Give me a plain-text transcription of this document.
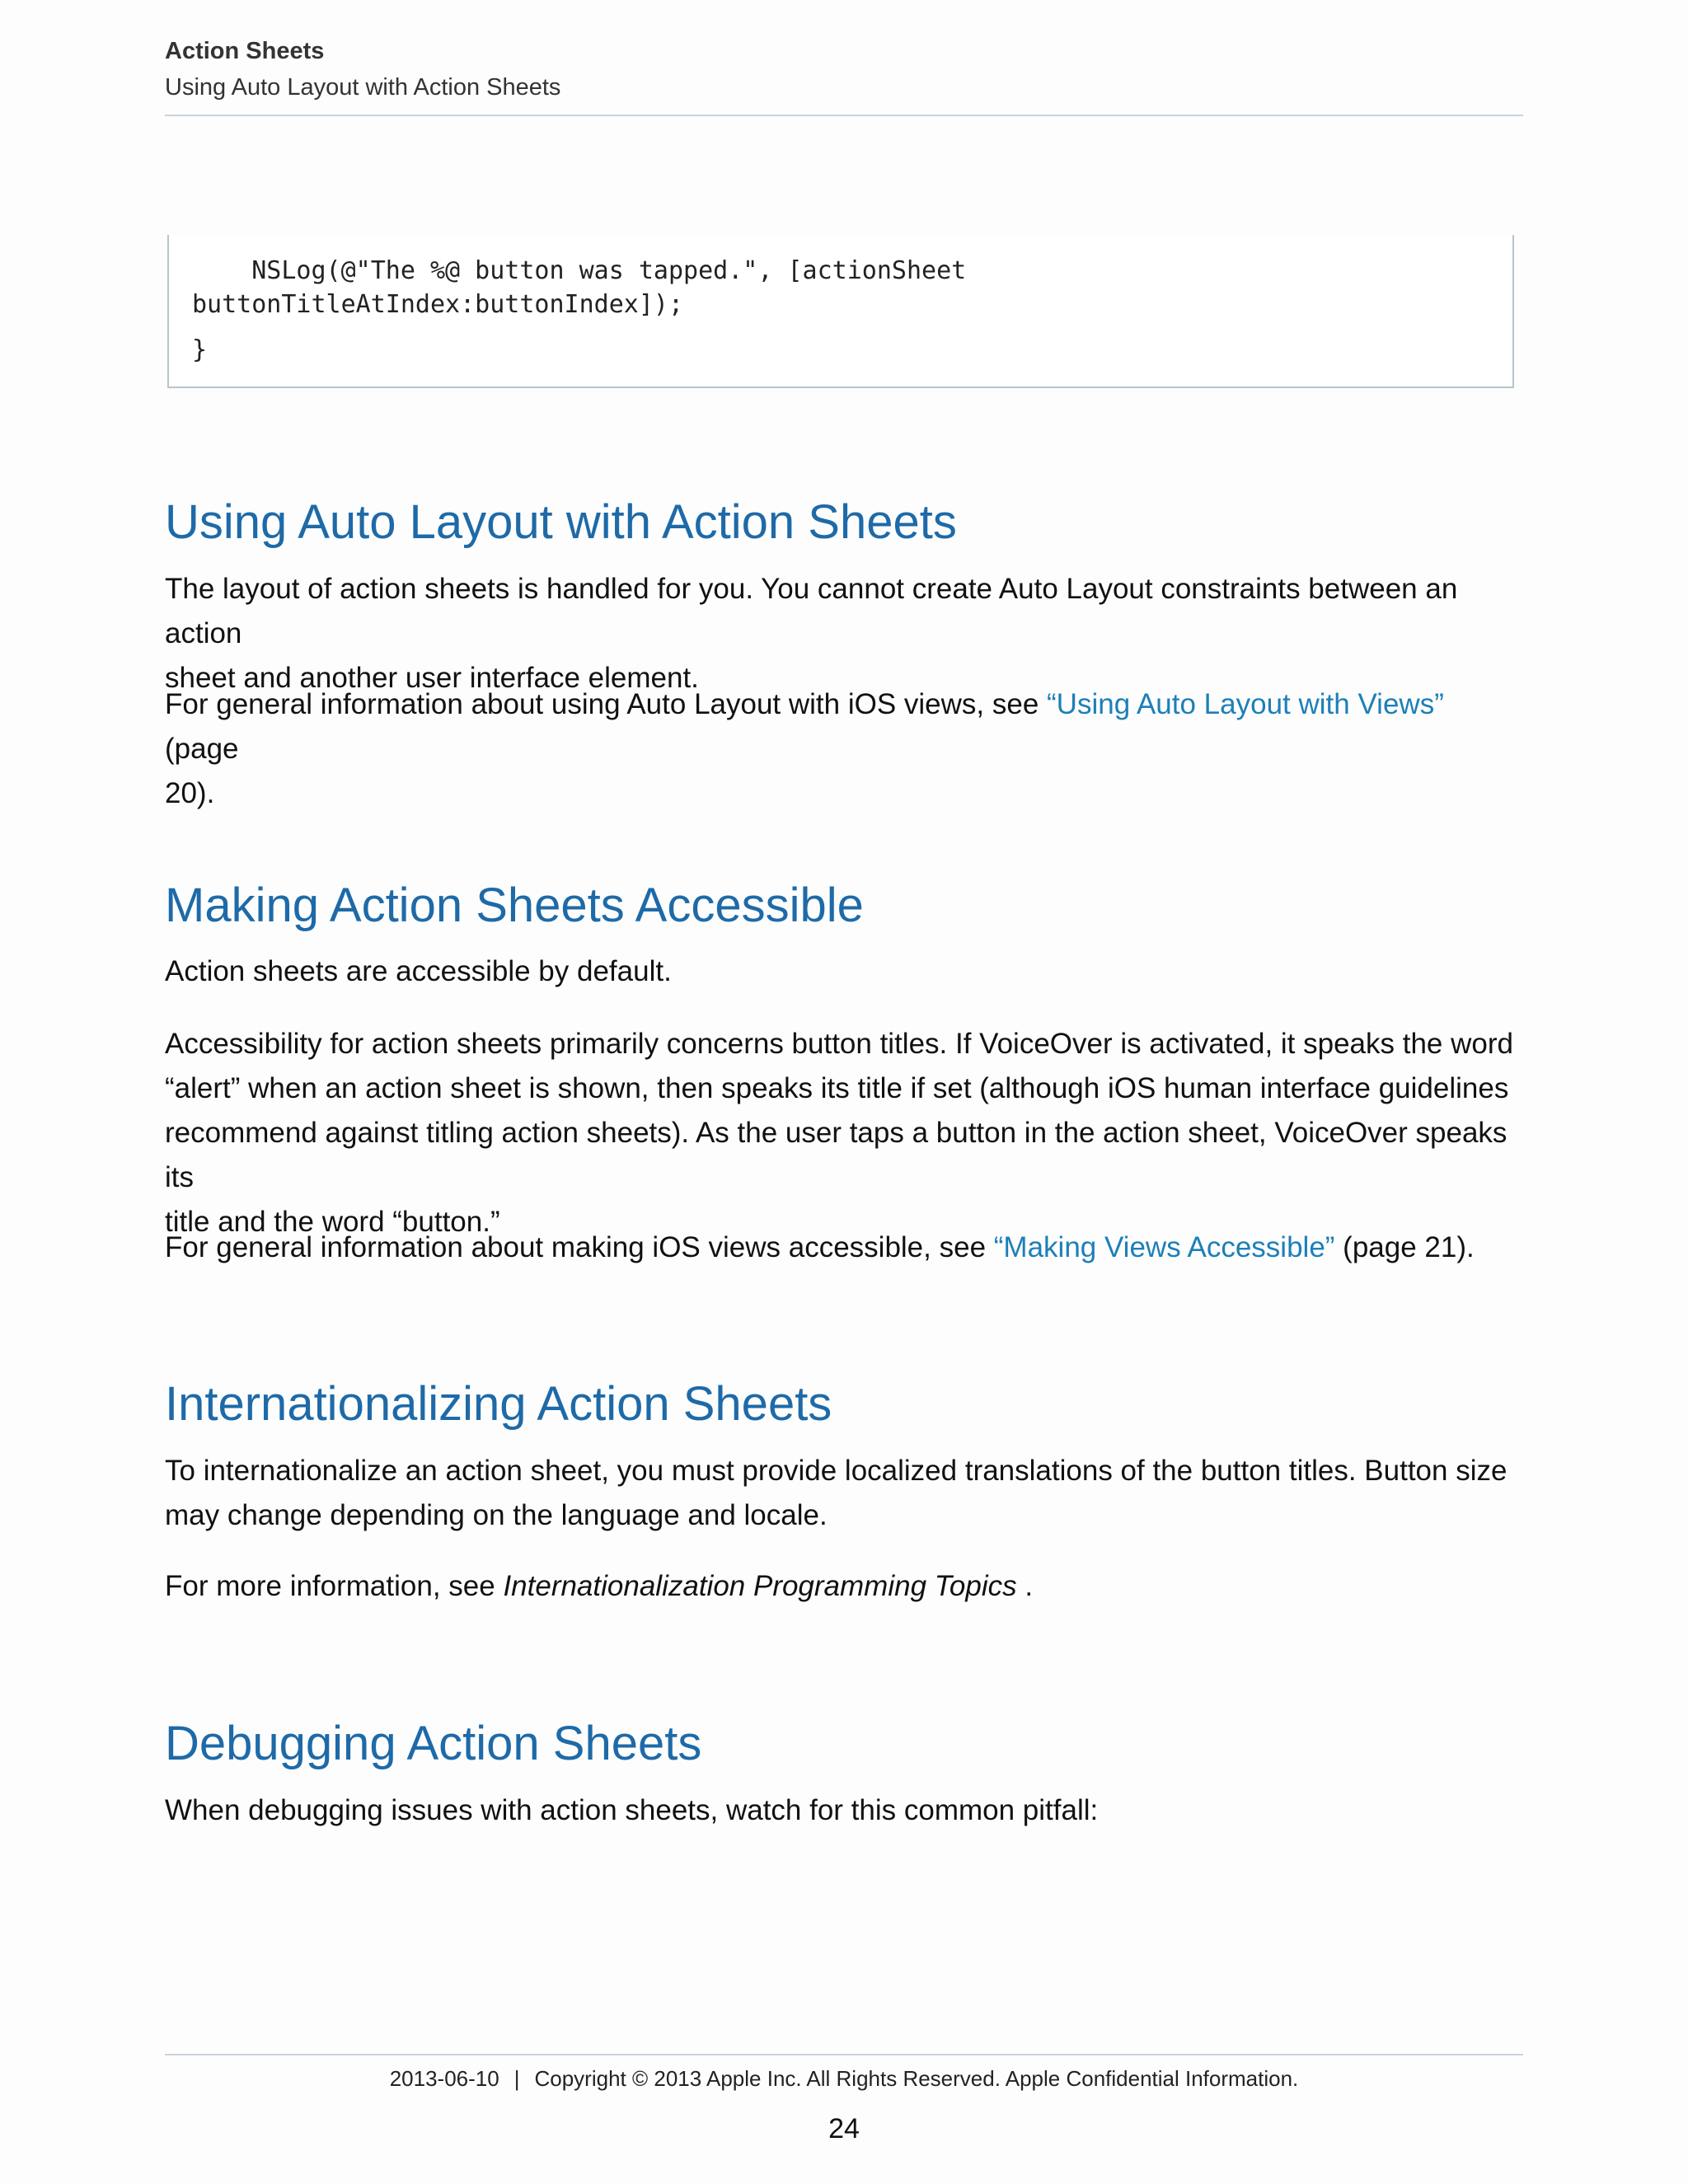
Action Sheets
Using Auto Layout with Action Sheets
NSLog(@"The %@ button was tapped.", [actionSheet
buttonTitleAtIndex:buttonIndex]);
}
Using Auto Layout with Action Sheets
The layout of action sheets is handled for you. You cannot create Auto Layout constraints between an action
sheet and another user interface element.
For general information about using Auto Layout with iOS views, see “Using Auto Layout with Views” (page
20).
Making Action Sheets Accessible
Action sheets are accessible by default.
Accessibility for action sheets primarily concerns button titles. If VoiceOver is activated, it speaks the word
“alert” when an action sheet is shown, then speaks its title if set (although iOS human interface guidelines
recommend against titling action sheets). As the user taps a button in the action sheet, VoiceOver speaks its
title and the word “button.”
For general information about making iOS views accessible, see “Making Views Accessible” (page 21).
Internationalizing Action Sheets
To internationalize an action sheet, you must provide localized translations of the button titles. Button size
may change depending on the language and locale.
For more information, see Internationalization Programming Topics .
Debugging Action Sheets
When debugging issues with action sheets, watch for this common pitfall:
2013-06-10 | Copyright © 2013 Apple Inc. All Rights Reserved. Apple Confidential Information.
24
